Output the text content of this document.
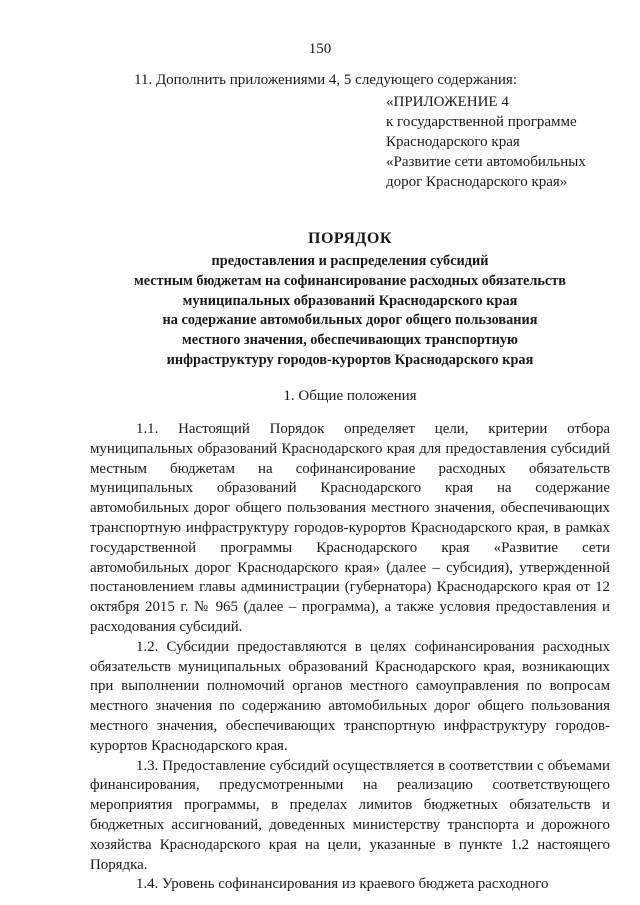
150
11. Дополнить приложениями 4, 5 следующего содержания:
«ПРИЛОЖЕНИЕ 4
к государственной программе
Краснодарского края
«Развитие сети автомобильных
дорог Краснодарского края»
ПОРЯДОК
предоставления и распределения субсидий
местным бюджетам на софинансирование расходных обязательств
муниципальных образований Краснодарского края
на содержание автомобильных дорог общего пользования
местного значения, обеспечивающих транспортную
инфраструктуру городов-курортов Краснодарского края
1. Общие положения

1.1. Настоящий Порядок определяет цели, критерии отбора муниципальных образований Краснодарского края для предоставления субсидий местным бюджетам на софинансирование расходных обязательств муниципальных образований Краснодарского края на содержание автомобильных дорог общего пользования местного значения, обеспечивающих транспортную инфраструктуру городов-курортов Краснодарского края, в рамках государственной программы Краснодарского края «Развитие сети автомобильных дорог Краснодарского края» (далее – субсидия), утвержденной постановлением главы администрации (губернатора) Краснодарского края от 12 октября 2015 г. № 965 (далее – программа), а также условия предоставления и расходования субсидий.

1.2. Субсидии предоставляются в целях софинансирования расходных обязательств муниципальных образований Краснодарского края, возникающих при выполнении полномочий органов местного самоуправления по вопросам местного значения по содержанию автомобильных дорог общего пользования местного значения, обеспечивающих транспортную инфраструктуру городов-курортов Краснодарского края.

1.3. Предоставление субсидий осуществляется в соответствии с объемами финансирования, предусмотренными на реализацию соответствующего мероприятия программы, в пределах лимитов бюджетных обязательств и бюджетных ассигнований, доведенных министерству транспорта и дорожного хозяйства Краснодарского края на цели, указанные в пункте 1.2 настоящего Порядка.

1.4. Уровень софинансирования из краевого бюджета расходного
